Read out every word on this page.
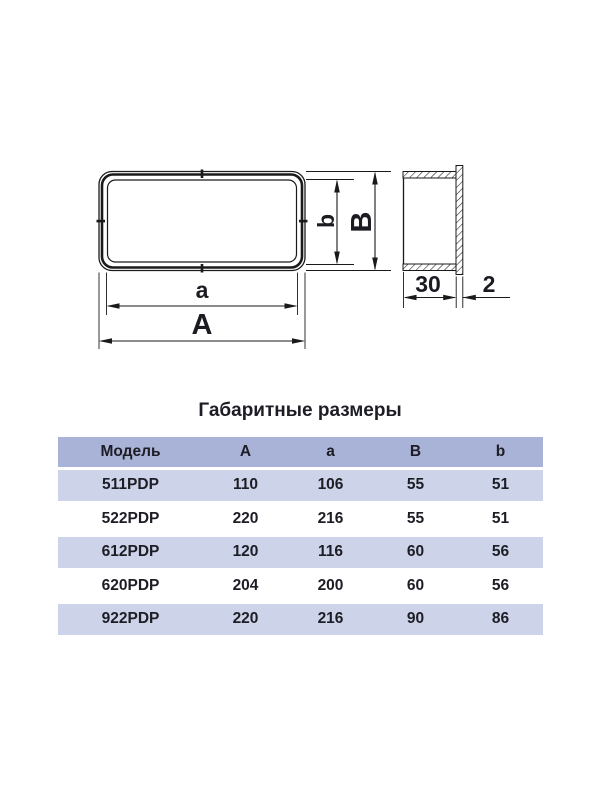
b B
a
A
30 2
Габаритные размеры
Модель	A	a	B	b
511PDP	110	106	55	51
522PDP	220	216	55	51
612PDP	120	116	60	56
620PDP	204	200	60	56
922PDP	220	216	90	86
